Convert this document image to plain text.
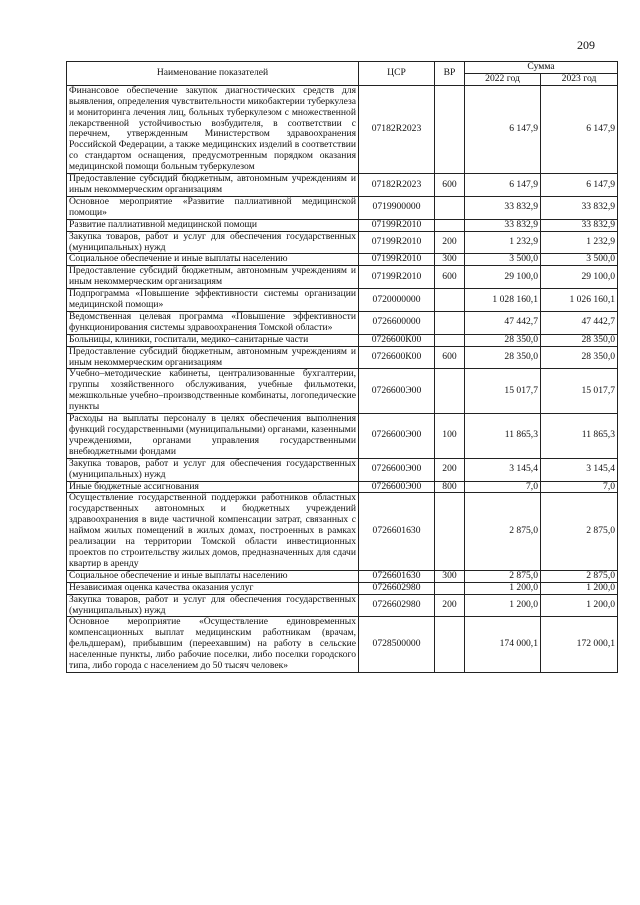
209
Наименование показателей	ЦСР	ВР	Сумма	
			2022 год	2023 год
Финансовое обеспечение закупок диагностических средств для выявления, определения чувствительности микобактерии туберкулеза и мониторинга лечения лиц, больных туберкулезом с множественной лекарственной устойчивостью возбудителя, в соответствии с перечнем, утвержденным Министерством здравоохранения Российской Федерации, а также медицинских изделий в соответствии со стандартом оснащения, предусмотренным порядком оказания медицинской помощи больным туберкулезом	07182R2023		6 147,9	6 147,9
Предоставление субсидий бюджетным, автономным учреждениям и иным некоммерческим организациям	07182R2023	600	6 147,9	6 147,9
Основное мероприятие «Развитие паллиативной медицинской помощи»	0719900000		33 832,9	33 832,9
Развитие паллиативной медицинской помощи	07199R2010		33 832,9	33 832,9
Закупка товаров, работ и услуг для обеспечения государственных (муниципальных) нужд	07199R2010	200	1 232,9	1 232,9
Социальное обеспечение и иные выплаты населению	07199R2010	300	3 500,0	3 500,0
Предоставление субсидий бюджетным, автономным учреждениям и иным некоммерческим организациям	07199R2010	600	29 100,0	29 100,0
Подпрограмма «Повышение эффективности системы организации медицинской помощи»	0720000000		1 028 160,1	1 026 160,1
Ведомственная целевая программа «Повышение эффективности функционирования системы здравоохранения Томской области»	0726600000		47 442,7	47 442,7
Больницы, клиники, госпитали, медико–санитарные части	0726600К00		28 350,0	28 350,0
Предоставление субсидий бюджетным, автономным учреждениям и иным некоммерческим организациям	0726600К00	600	28 350,0	28 350,0
Учебно–методические кабинеты, централизованные бухгалтерии, группы хозяйственного обслуживания, учебные фильмотеки, межшкольные учебно–производственные комбинаты, логопедические пункты	0726600Э00		15 017,7	15 017,7
Расходы на выплаты персоналу в целях обеспечения выполнения функций государственными (муниципальными) органами, казенными учреждениями, органами управления государственными внебюджетными фондами	0726600Э00	100	11 865,3	11 865,3
Закупка товаров, работ и услуг для обеспечения государственных (муниципальных) нужд	0726600Э00	200	3 145,4	3 145,4
Иные бюджетные ассигнования	0726600Э00	800	7,0	7,0
Осуществление государственной поддержки работников областных государственных автономных и бюджетных учреждений здравоохранения в виде частичной компенсации затрат, связанных с наймом жилых помещений в жилых домах, построенных в рамках реализации на территории Томской области инвестиционных проектов по строительству жилых домов, предназначенных для сдачи квартир в аренду	0726601630		2 875,0	2 875,0
Социальное обеспечение и иные выплаты населению	0726601630	300	2 875,0	2 875,0
Независимая оценка качества оказания услуг	0726602980		1 200,0	1 200,0
Закупка товаров, работ и услуг для обеспечения государственных (муниципальных) нужд	0726602980	200	1 200,0	1 200,0
Основное мероприятие «Осуществление единовременных компенсационных выплат медицинским работникам (врачам, фельдшерам), прибывшим (переехавшим) на работу в сельские населенные пункты, либо рабочие поселки, либо поселки городского типа, либо города с населением до 50 тысяч человек»	0728500000		174 000,1	172 000,1
